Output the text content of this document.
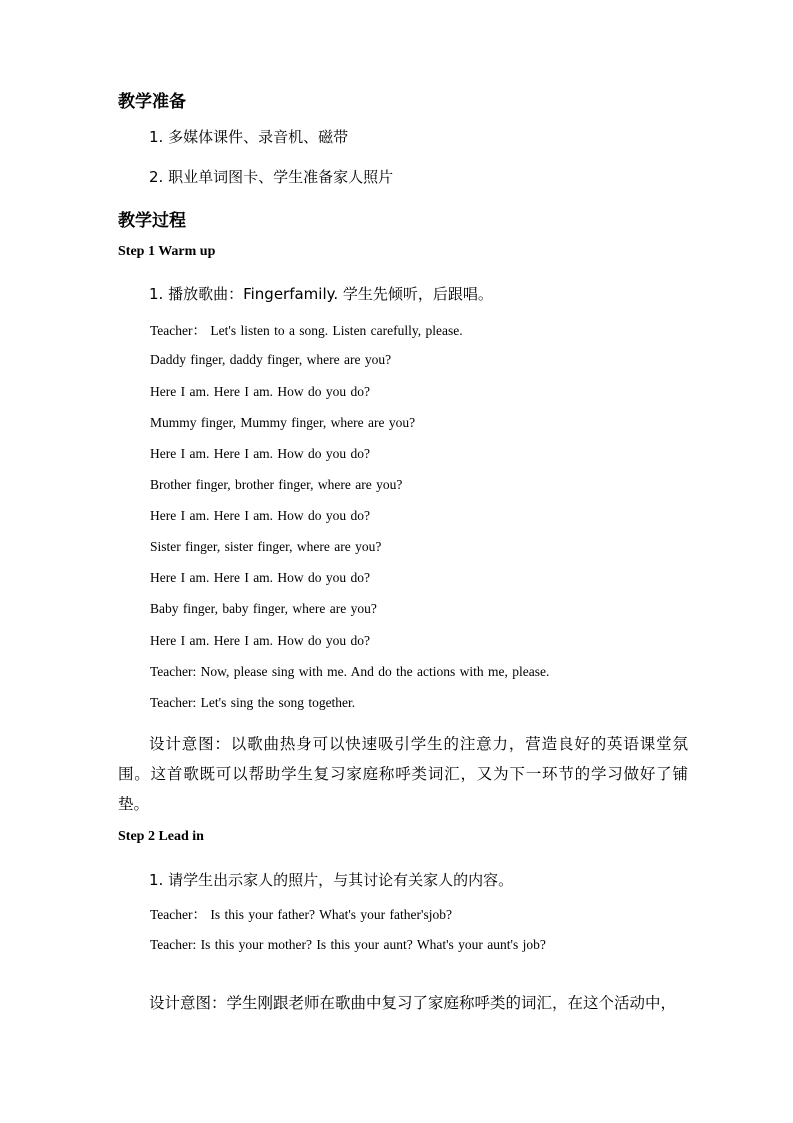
教学准备
1. 多媒体课件、录音机、磁带
2. 职业单词图卡、学生准备家人照片
教学过程
Step 1 Warm up
1. 播放歌曲：Fingerfamily. 学生先倾听，后跟唱。
Teacher： Let's listen to a song. Listen carefully, please.
Daddy finger, daddy finger, where are you?
Here I am. Here I am. How do you do?
Mummy finger, Mummy finger, where are you?
Here I am. Here I am. How do you do?
Brother finger, brother finger, where are you?
Here I am. Here I am. How do you do?
Sister finger, sister finger, where are you?
Here I am. Here I am. How do you do?
Baby finger, baby finger, where are you?
Here I am. Here I am. How do you do?
Teacher: Now, please sing with me. And do the actions with me, please.
Teacher: Let's sing the song together.
设计意图：以歌曲热身可以快速吸引学生的注意力，营造良好的英语课堂氛围。这首歌既可以帮助学生复习家庭称呼类词汇，又为下一环节的学习做好了铺垫。
Step 2 Lead in
1. 请学生出示家人的照片，与其讨论有关家人的内容。
Teacher： Is this your father? What's your father'sjob?
Teacher: Is this your mother? Is this your aunt? What's your aunt's job?
设计意图：学生刚跟老师在歌曲中复习了家庭称呼类的词汇，在这个活动中，
